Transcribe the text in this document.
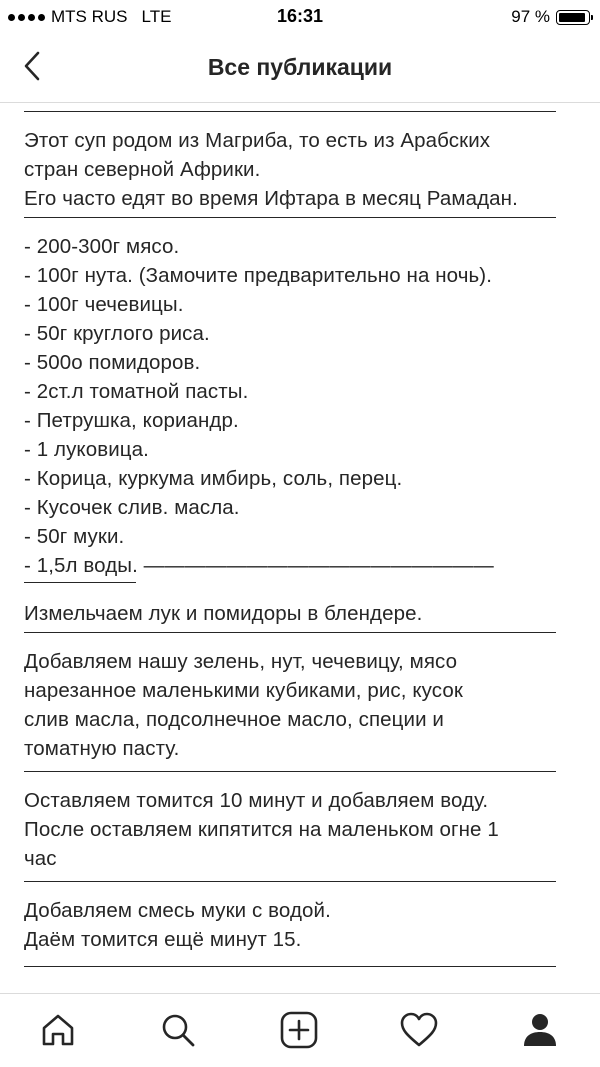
MTS RUS LTE	16:31	97 %
Все публикации

Этот суп родом из Магриба, то есть из Арабских

стран северной Африки.

Его часто едят во время Ифтара в месяц Рамадан.

- 200-300г мясо.

- 100г нута. (Замочите предварительно на ночь).

- 100г чечевицы.

- 50г круглого риса.

- 500о помидоров.

- 2ст.л томатной пасты.

- Петрушка, кориандр.

- 1 луковица.

- Корица, куркума имбирь, соль, перец.

- Кусочек слив. масла.

- 50г муки.

- 1,5л воды. —————————————————

Измельчаем лук и помидоры в блендере.

Добавляем нашу зелень, нут, чечевицу, мясо

нарезанное маленькими кубиками, рис, кусок

слив масла, подсолнечное масло, специи и

томатную пасту.

Оставляем томится 10 минут и добавляем воду.

После оставляем кипятится на маленьком огне 1

час

Добавляем смесь муки с водой.

Даём томится ещё минут 15.
